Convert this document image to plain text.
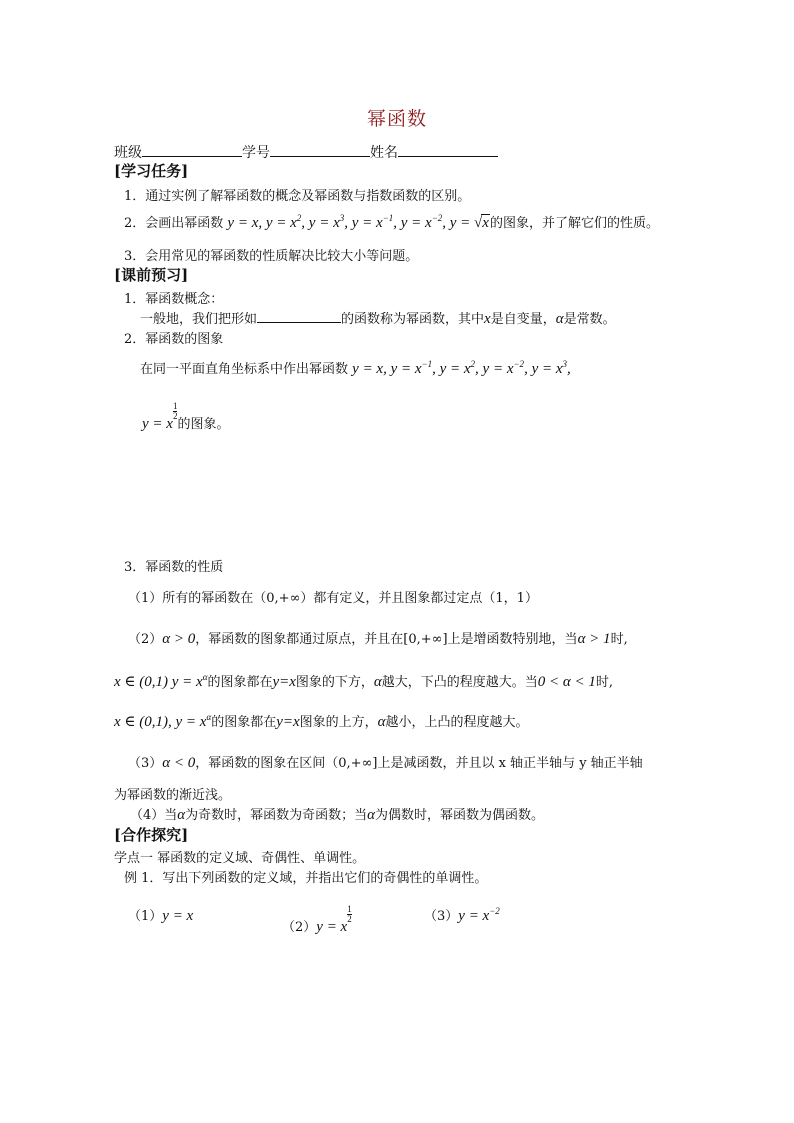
幂函数
班级	学号	姓名
[学习任务]
1．通过实例了解幂函数的概念及幂函数与指数函数的区别。
2．会画出幂函数 y = x, $y = x^2$, $y = x^3$, $y = x^{-1}$, $y = x^{-2}$, y = √x的图象，并了解它们的性质。
3．会用常见的幂函数的性质解决比较大小等问题。
[课前预习]
1．幂函数概念：
一般地，我们把形如	的函数称为幂函数，其中x是自变量，α是常数。
2．幂函数的图象
在同一平面直角坐标系中作出幂函数 y = x, $y = x^{-1}$, $y = x^2$, $y = x^{-2}$, $y = x^3$,
y = x
$\frac{1}{2}$
的图象。
3．幂函数的性质
（1）所有的幂函数在（0,+∞）都有定义，并且图象都过定点（1，1）
（2）α > 0，幂函数的图象都通过原点，并且在[0,+∞]上是增函数特别地，当α > 1时,
x ∈ (0,1) $y = x^\alpha$的图象都在y=x图象的下方，α越大，下凸的程度越大。当0 < α < 1时,
x ∈ (0,1), $y = x^\alpha$的图象都在y=x图象的上方，α越小，上凸的程度越大。
（3）α < 0，幂函数的图象在区间（0,+∞]上是减函数，并且以 x 轴正半轴与 y 轴正半轴
为幂函数的渐近浅。
（4）当α为奇数时，幂函数为奇函数；当α为偶数时，幂函数为偶函数。
[合作探究]
学点一 幂函数的定义域、奇偶性、单调性。
例 1．写出下列函数的定义域，并指出它们的奇偶性的单调性。
（1）y = x
（2）y = x
$\frac{1}{2}$	$(3)y = x^{-2}$
